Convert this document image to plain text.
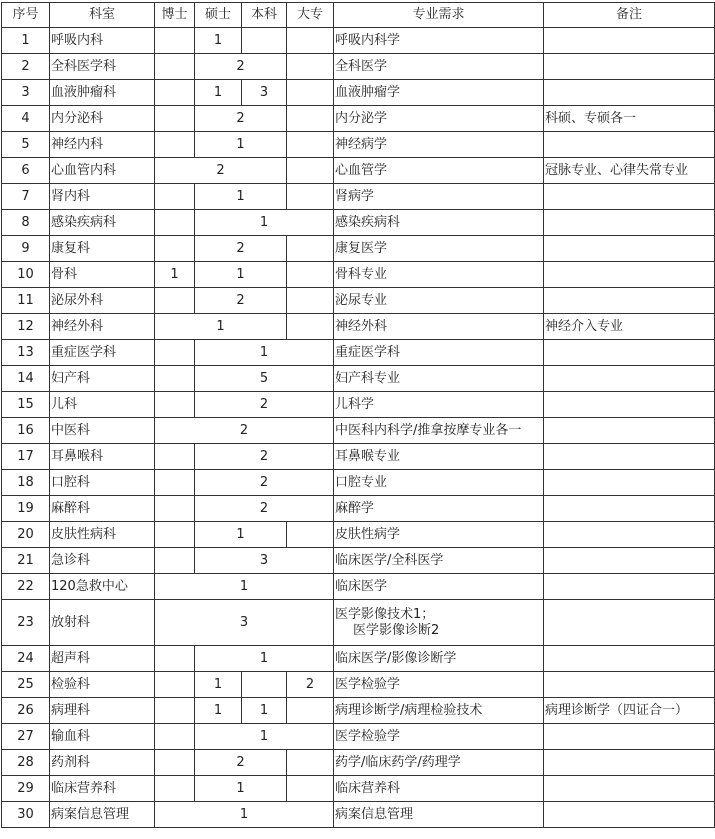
序号	科室	博士	硕士	本科	大专	专业需求	备注
1	呼吸内科		1			呼吸内科学	
2	全科医学科		2			全科医学	
3	血液肿瘤科		1	3		血液肿瘤学	
4	内分泌科		2			内分泌学	科硕、专硕各一
5	神经内科		1			神经病学	
6	心血管内科	2				心血管学	冠脉专业、心律失常专业
7	肾内科		1			肾病学	
8	感染疾病科		1			感染疾病科	
9	康复科		2			康复医学	
10	骨科	1	1			骨科专业	
11	泌尿外科		2			泌尿专业	
12	神经外科	1				神经外科	神经介入专业
13	重症医学科		1			重症医学科	
14	妇产科		5			妇产科专业	
15	儿科		2			儿科学	
16	中医科	2				中医科内科学/推拿按摩专业各一	
17	耳鼻喉科		2			耳鼻喉专业	
18	口腔科		2			口腔专业	
19	麻醉科		2			麻醉学	
20	皮肤性病科		1			皮肤性病学	
21	急诊科		3			临床医学/全科医学	
22	120急救中心	1				临床医学	
23	放射科	3				医学影像技术1；
医学影像诊断2	

24	超声科		1			临床医学/影像诊断学	
25	检验科		1		2	医学检验学	
26	病理科		1	1		病理诊断学/病理检验技术	病理诊断学（四证合一）
27	输血科		1			医学检验学	
28	药剂科		2			药学/临床药学/药理学	
29	临床营养科		1			临床营养科	
30	病案信息管理	1				病案信息管理	
